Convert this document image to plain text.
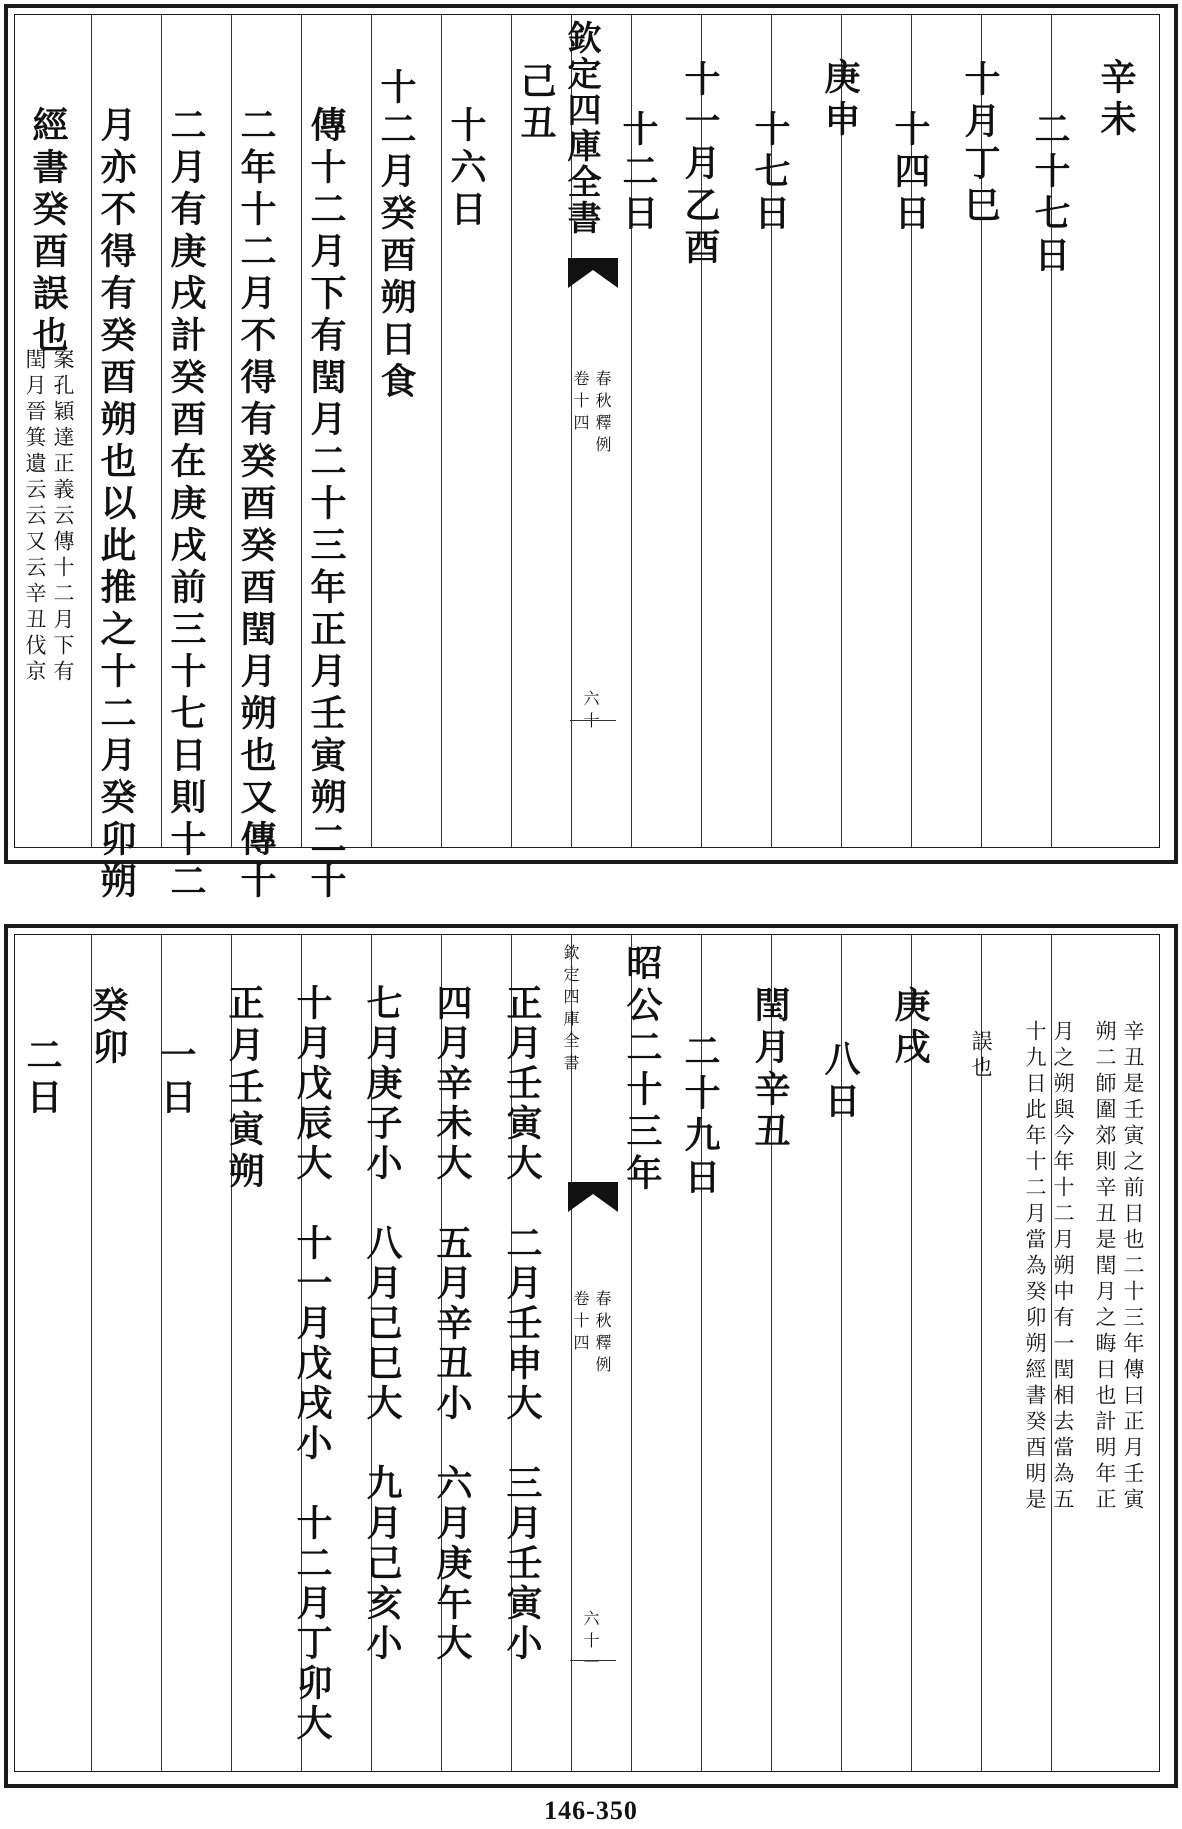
辛未
二十七日
十月丁巳
十四日
庚申
十七日
十一月乙酉
十二日
欽定四庫全書
春秋釋例
卷十四
六十
己丑
十六日
十二月癸酉朔日食
傳十二月下有閏月二十三年正月壬寅朔二十
二年十二月不得有癸酉癸酉閏月朔也又傳十
二月有庚戌計癸酉在庚戌前三十七日則十二
月亦不得有癸酉朔也以此推之十二月癸卯朔
經書癸酉誤也
案孔穎達正義云傳十二月下有
閏月晉箕遺云云又云辛丑伐京
辛丑是壬寅之前日也二十三年傳曰正月壬寅
朔二師圍郊則辛丑是閏月之晦日也計明年正
月之朔與今年十二月朔中有一閏相去當為五
十九日此年十二月當為癸卯朔經書癸酉明是
誤也
庚戌
八日
閏月辛丑
二十九日
欽定四庫全書
春秋釋例
卷十四
六十一
昭公二十三年
正月壬寅大　二月壬申大　三月壬寅小
四月辛未大　五月辛丑小　六月庚午大
七月庚子小　八月己巳大　九月己亥小
十月戊辰大　十一月戊戌小　十二月丁卯大
正月壬寅朔
一日
癸卯
二日
146-350
